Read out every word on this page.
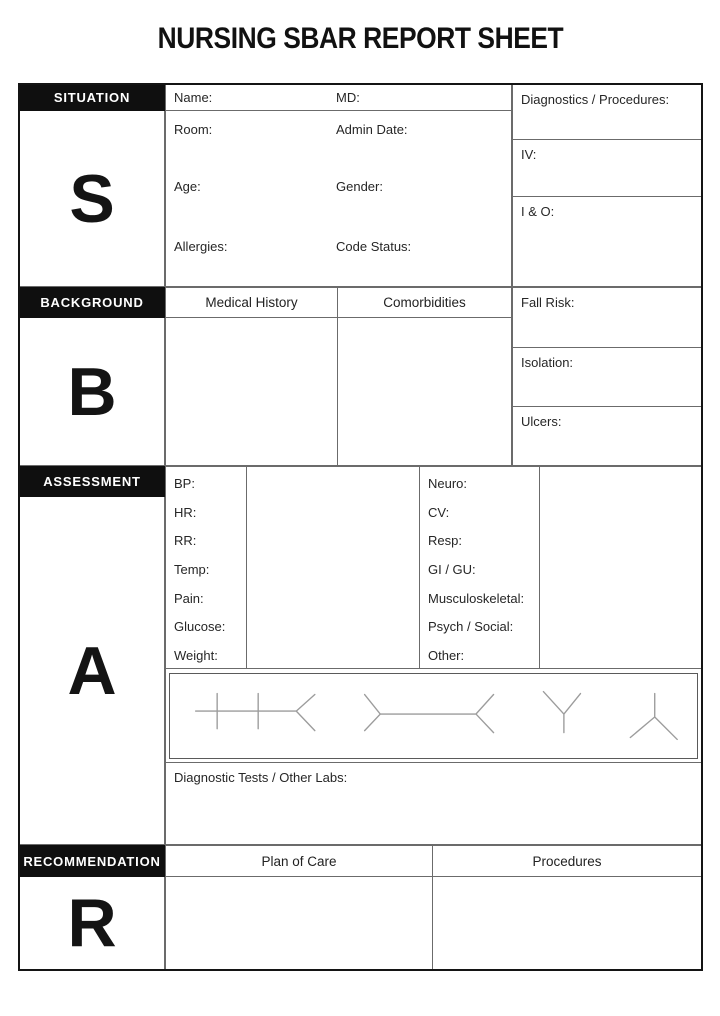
NURSING SBAR REPORT SHEET
SITUATION
S
Name:	MD:
Room:	Admin Date:
Age:	Gender:
Allergies:	Code Status:
Diagnostics / Procedures:
IV:
I & O:
BACKGROUND
B
Medical History	Comorbidities	Fall Risk:
Isolation:
Ulcers:
ASSESSMENT
A
BP:
HR:
RR:
Temp:
Pain:
Glucose:
Weight:
Neuro:
CV:
Resp:
GI / GU:
Musculoskeletal:
Psych / Social:
Other:
Diagnostic Tests / Other Labs:
RECOMMENDATION
R
Plan of Care	Procedures
